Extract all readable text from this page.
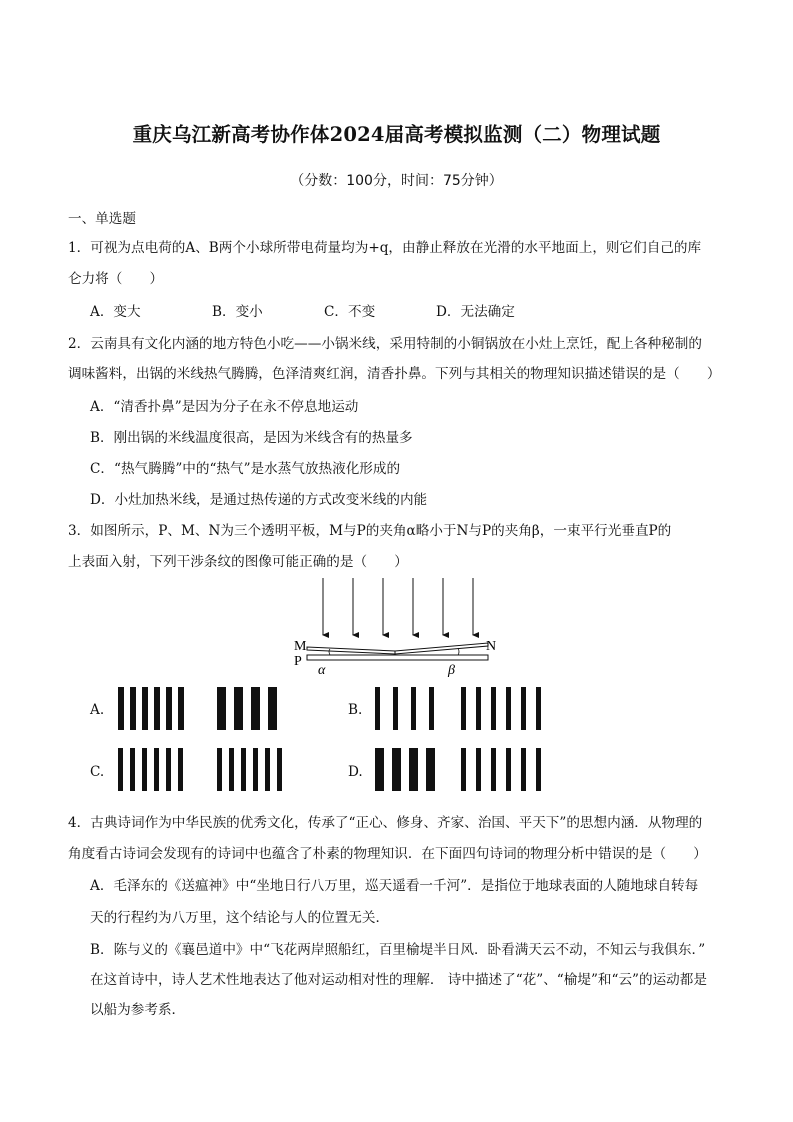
重庆乌江新高考协作体2024届高考模拟监测（二）物理试题
（分数：100分，时间：75分钟）
一、单选题
1．可视为点电荷的A、B两个小球所带电荷量均为+q，由静止释放在光滑的水平地面上，则它们自己的库
仑力将（　　）
A．变大	B．变小	C．不变	D．无法确定
2．云南具有文化内涵的地方特色小吃——小锅米线，采用特制的小铜锅放在小灶上烹饪，配上各种秘制的
调味酱料，出锅的米线热气腾腾，色泽清爽红润，清香扑鼻。下列与其相关的物理知识描述错误的是（　　）
A．“清香扑鼻”是因为分子在永不停息地运动
B．刚出锅的米线温度很高，是因为米线含有的热量多
C．“热气腾腾”中的“热气”是水蒸气放热液化形成的
D．小灶加热米线，是通过热传递的方式改变米线的内能
3．如图所示，P、M、N为三个透明平板，M与P的夹角α略小于N与P的夹角β，一束平行光垂直P的
上表面入射，下列干涉条纹的图像可能正确的是（　　）
M	N
P
α	β
A.	B.
C.	D.
4．古典诗词作为中华民族的优秀文化，传承了“正心、修身、齐家、治国、平天下”的思想内涵．从物理的
角度看古诗词会发现有的诗词中也蕴含了朴素的物理知识．在下面四句诗词的物理分析中错误的是（　　）
A．毛泽东的《送瘟神》中“坐地日行八万里，巡天遥看一千河”．是指位于地球表面的人随地球自转每
天的行程约为八万里，这个结论与人的位置无关．
B．陈与义的《襄邑道中》中“飞花两岸照船红，百里榆堤半日风．卧看满天云不动，不知云与我俱东．”
在这首诗中，诗人艺术性地表达了他对运动相对性的理解． 诗中描述了“花”、“榆堤”和“云”的运动都是
以船为参考系．
